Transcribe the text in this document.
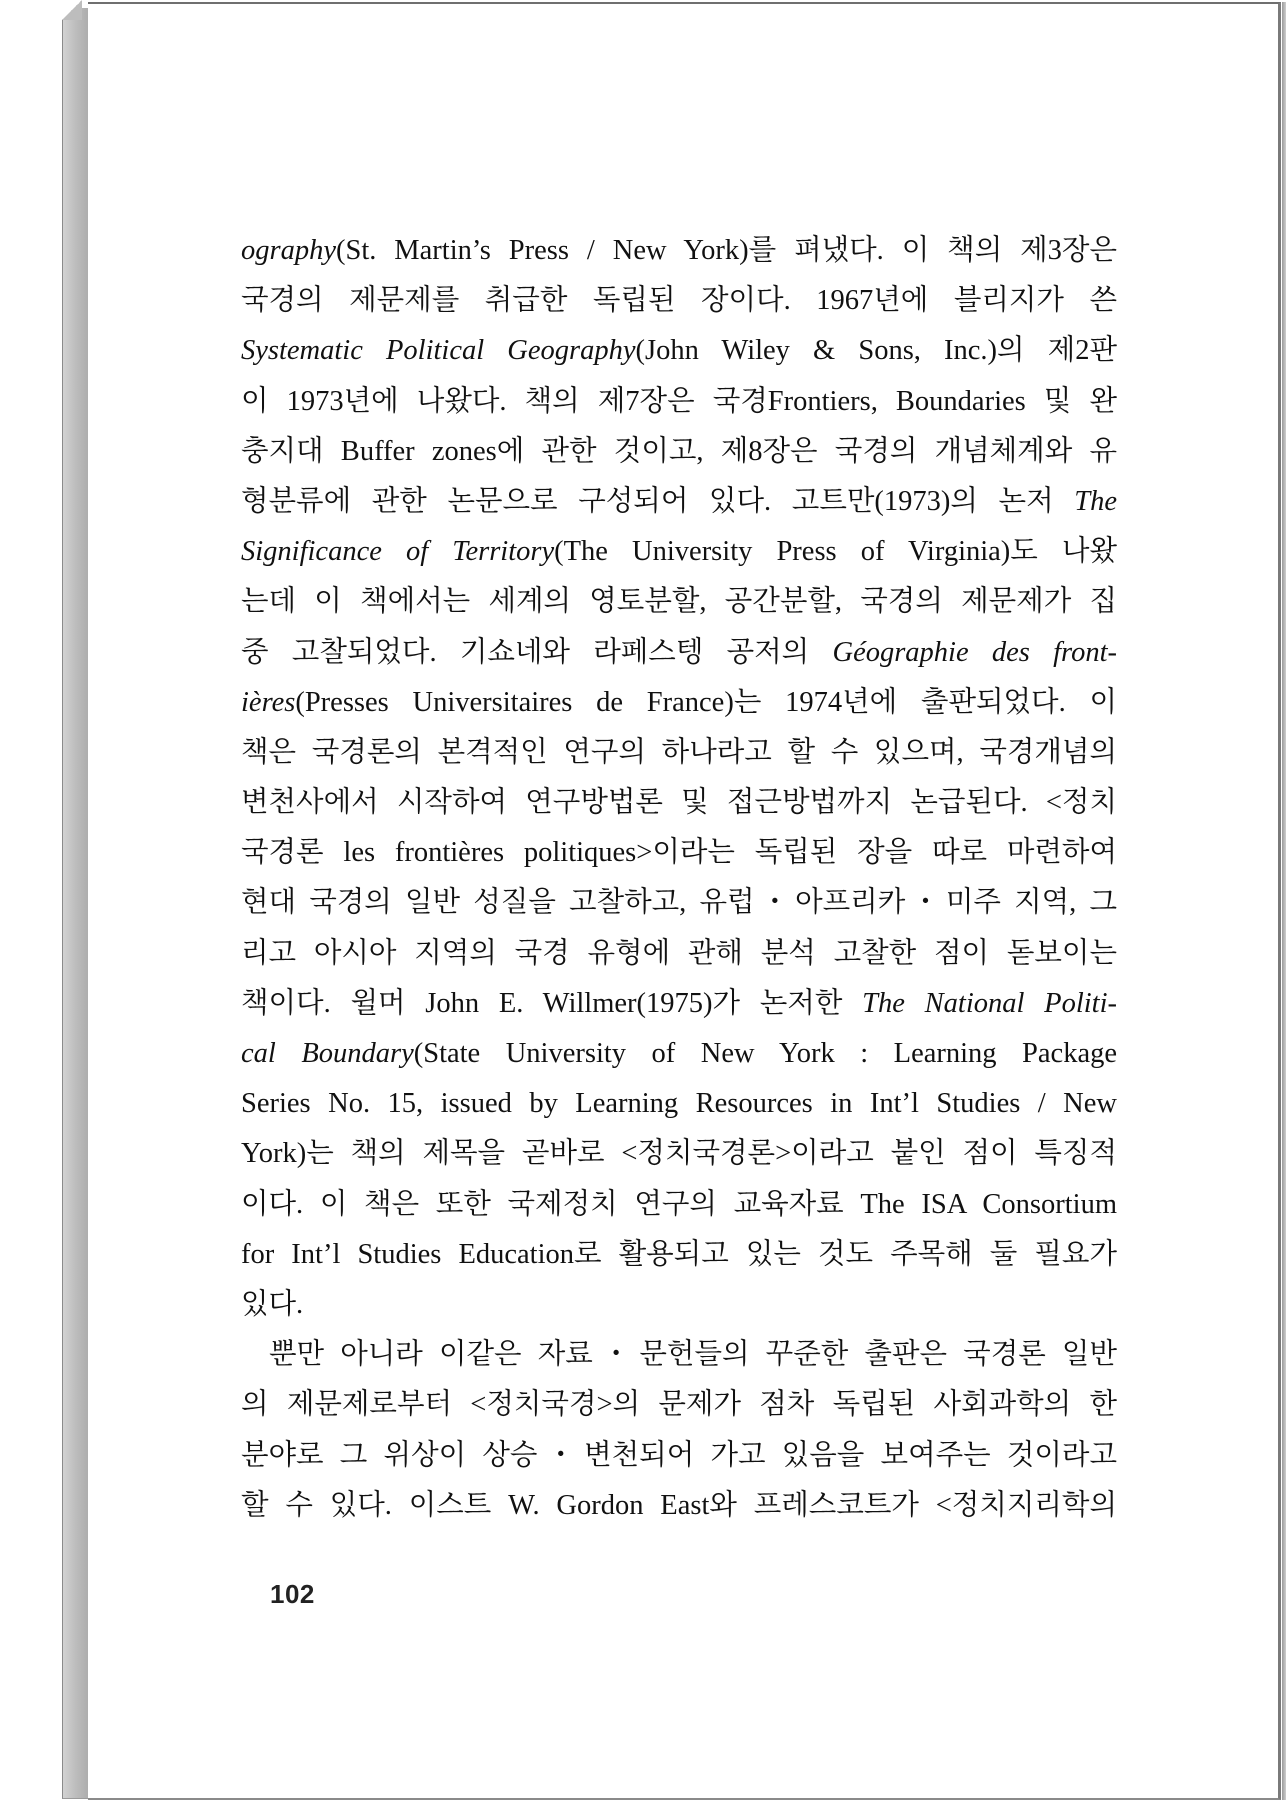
ography(St. Martin’s Press / New York)를 펴냈다. 이 책의 제3장은
국경의 제문제를 취급한 독립된 장이다. 1967년에 블리지가 쓴
Systematic Political Geography(John Wiley & Sons, Inc.)의 제2판
이 1973년에 나왔다. 책의 제7장은 국경Frontiers, Boundaries 및 완
충지대 Buffer zones에 관한 것이고, 제8장은 국경의 개념체계와 유
형분류에 관한 논문으로 구성되어 있다. 고트만(1973)의 논저 The
Significance of Territory(The University Press of Virginia)도 나왔
는데 이 책에서는 세계의 영토분할, 공간분할, 국경의 제문제가 집
중 고찰되었다. 기쇼네와 라페스텡 공저의 Géographie des front-
ières(Presses Universitaires de France)는 1974년에 출판되었다. 이
책은 국경론의 본격적인 연구의 하나라고 할 수 있으며, 국경개념의
변천사에서 시작하여 연구방법론 및 접근방법까지 논급된다. <정치
국경론 les frontières politiques>이라는 독립된 장을 따로 마련하여
현대 국경의 일반 성질을 고찰하고, 유럽・아프리카・미주 지역, 그
리고 아시아 지역의 국경 유형에 관해 분석 고찰한 점이 돋보이는
책이다. 윌머 John E. Willmer(1975)가 논저한 The National Politi-
cal Boundary(State University of New York : Learning Package
Series No. 15, issued by Learning Resources in Int’l Studies / New
York)는 책의 제목을 곧바로 <정치국경론>이라고 붙인 점이 특징적
이다. 이 책은 또한 국제정치 연구의 교육자료 The ISA Consortium
for Int’l Studies Education로 활용되고 있는 것도 주목해 둘 필요가
있다.
뿐만 아니라 이같은 자료・문헌들의 꾸준한 출판은 국경론 일반
의 제문제로부터 <정치국경>의 문제가 점차 독립된 사회과학의 한
분야로 그 위상이 상승・변천되어 가고 있음을 보여주는 것이라고
할 수 있다. 이스트 W. Gordon East와 프레스코트가 <정치지리학의
102
